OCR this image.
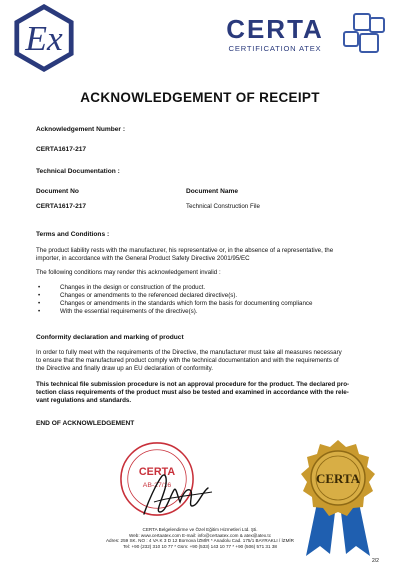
Ex	CERTA
CERTIFICATION ATEX
ACKNOWLEDGEMENT OF RECEIPT
Acknowledgement Number :
CERTA1617-217
Technical Documentation :
Document No	Document Name
CERTA1617-217	Technical Construction File
Terms and Conditions :
The product liability rests with the manufacturer, his representative or, in the absence of a representative, the
importer, in accordance with the General Product Safety Directive 2001/95/EC
The following conditions may render this acknowledgement invalid :
•	Changes in the design or construction of the product.
•	Changes or amendments to the referenced declared directive(s).
•	Changes or amendments in the standards which form the basis for documenting compliance
•	With the essential requirements of the directive(s).
Conformity declaration and marking of product
In order to fully meet with the requirements of the Directive, the manufacturer must take all measures necessary
to ensure that the manufactured product comply with the technical documentation and with the requirements of
the Directive and finally draw up an EU declaration of conformity.
This technical file submission procedure is not an approval procedure for the product. The declared pro-
tection class requirements of the product must also be tested and examined in accordance with the rele-
vant regulations and standards.
END OF ACKNOWLEDGEMENT
CERTA
AB-27/16	CERTA
CERTA Belgelendirme ve Özel Eğitim Hizmetleri Ltd. Şti.
Web: www.certaatex.com E-mail: info@certaatex.com & atex@atex.tc
Adres: 259 SK. NO : 4 VA K 3 D 12 Bornova İZMİR * Anadolu Cad. 175/1 BAYRAKLI / İZMİR
Tel: +90 (232) 310 10 77 * Gsm: +90 (533) 143 10 77 * +90 (506) 571 31 38
2/2
